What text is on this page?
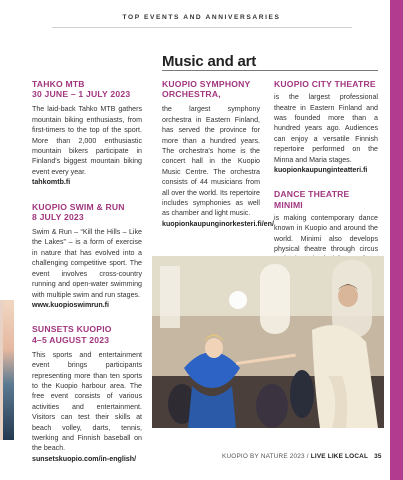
TOP EVENTS AND ANNIVERSARIES
Music and art
TAHKO MTB
30 JUNE – 1 JULY 2023
The laid-back Tahko MTB gathers mountain biking enthusiasts, from first-timers to the top of the sport. More than 2,000 enthusiastic mountain bikers participate in Finland's biggest mountain biking event every year.
tahkomtb.fi
KUOPIO SWIM & RUN
8 JULY 2023
Swim & Run – “Kill the Hills – Like the Lakes” – is a form of exercise in nature that has evolved into a challenging competitive sport. The event involves cross-country running and open-water swimming with multiple swim and run stages.
www.kuopioswimrun.fi
SUNSETS KUOPIO
4–5 AUGUST 2023
This sports and entertainment event brings participants representing more than ten sports to the Kuopio harbour area. The free event consists of various activities and entertainment. Visitors can test their skills at beach volley, darts, tennis, twerking and Finnish baseball on the beach.
sunsetskuopio.com/in-english/
KUOPIO SYMPHONY
ORCHESTRA,
the largest symphony orchestra in Eastern Finland, has served the province for more than a hundred years. The orchestra's home is the concert hall in the Kuopio Music Centre. The orchestra consists of 44 musicians from all over the world. Its repertoire includes symphonies as well as chamber and light music.
kuopionkaupunginorkesteri.fi/en/
KUOPIO CITY THEATRE
is the largest professional theatre in Eastern Finland and was founded more than a hundred years ago. Audiences can enjoy a versatile Finnish repertoire performed on the Minna and Maria stages.
kuopionkaupunginteatteri.fi
DANCE THEATRE MINIMI
is making contemporary dance known in Kuopio and around the world. Minimi also develops physical theatre through circus
KUOPIO BY NATURE 2023 / LIVE LIKE LOCAL 35
